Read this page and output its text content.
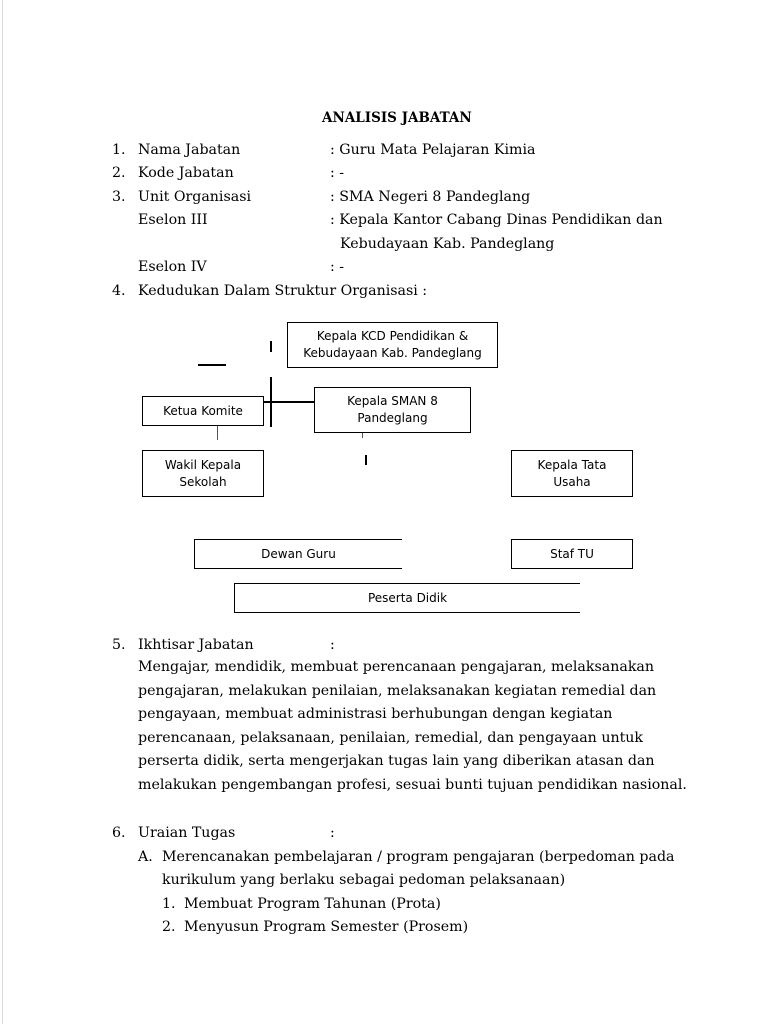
ANALISIS JABATAN
1. Nama Jabatan	: Guru Mata Pelajaran Kimia
2. Kode Jabatan	: -
3. Unit Organisasi	: SMA Negeri 8 Pandeglang
Eselon III	: Kepala Kantor Cabang Dinas Pendidikan dan
Kebudayaan Kab. Pandeglang
Eselon IV	: -
4. Kedudukan Dalam Struktur Organisasi :
Kepala KCD Pendidikan &
Kebudayaan Kab. Pandeglang
Kepala SMAN 8
Pandeglang
Ketua Komite
Wakil Kepala
Sekolah
Kepala Tata
Usaha
Dewan Guru	Staf TU
Peserta Didik
5. Ikhtisar Jabatan	:
Mengajar, mendidik, membuat perencanaan pengajaran, melaksanakan
pengajaran, melakukan penilaian, melaksanakan kegiatan remedial dan
pengayaan, membuat administrasi berhubungan dengan kegiatan
perencanaan, pelaksanaan, penilaian, remedial, dan pengayaan untuk
perserta didik, serta mengerjakan tugas lain yang diberikan atasan dan
melakukan pengembangan profesi, sesuai bunti tujuan pendidikan nasional.
6. Uraian Tugas	:
A. Merencanakan pembelajaran / program pengajaran (berpedoman pada
kurikulum yang berlaku sebagai pedoman pelaksanaan)
1. Membuat Program Tahunan (Prota)
2. Menyusun Program Semester (Prosem)
